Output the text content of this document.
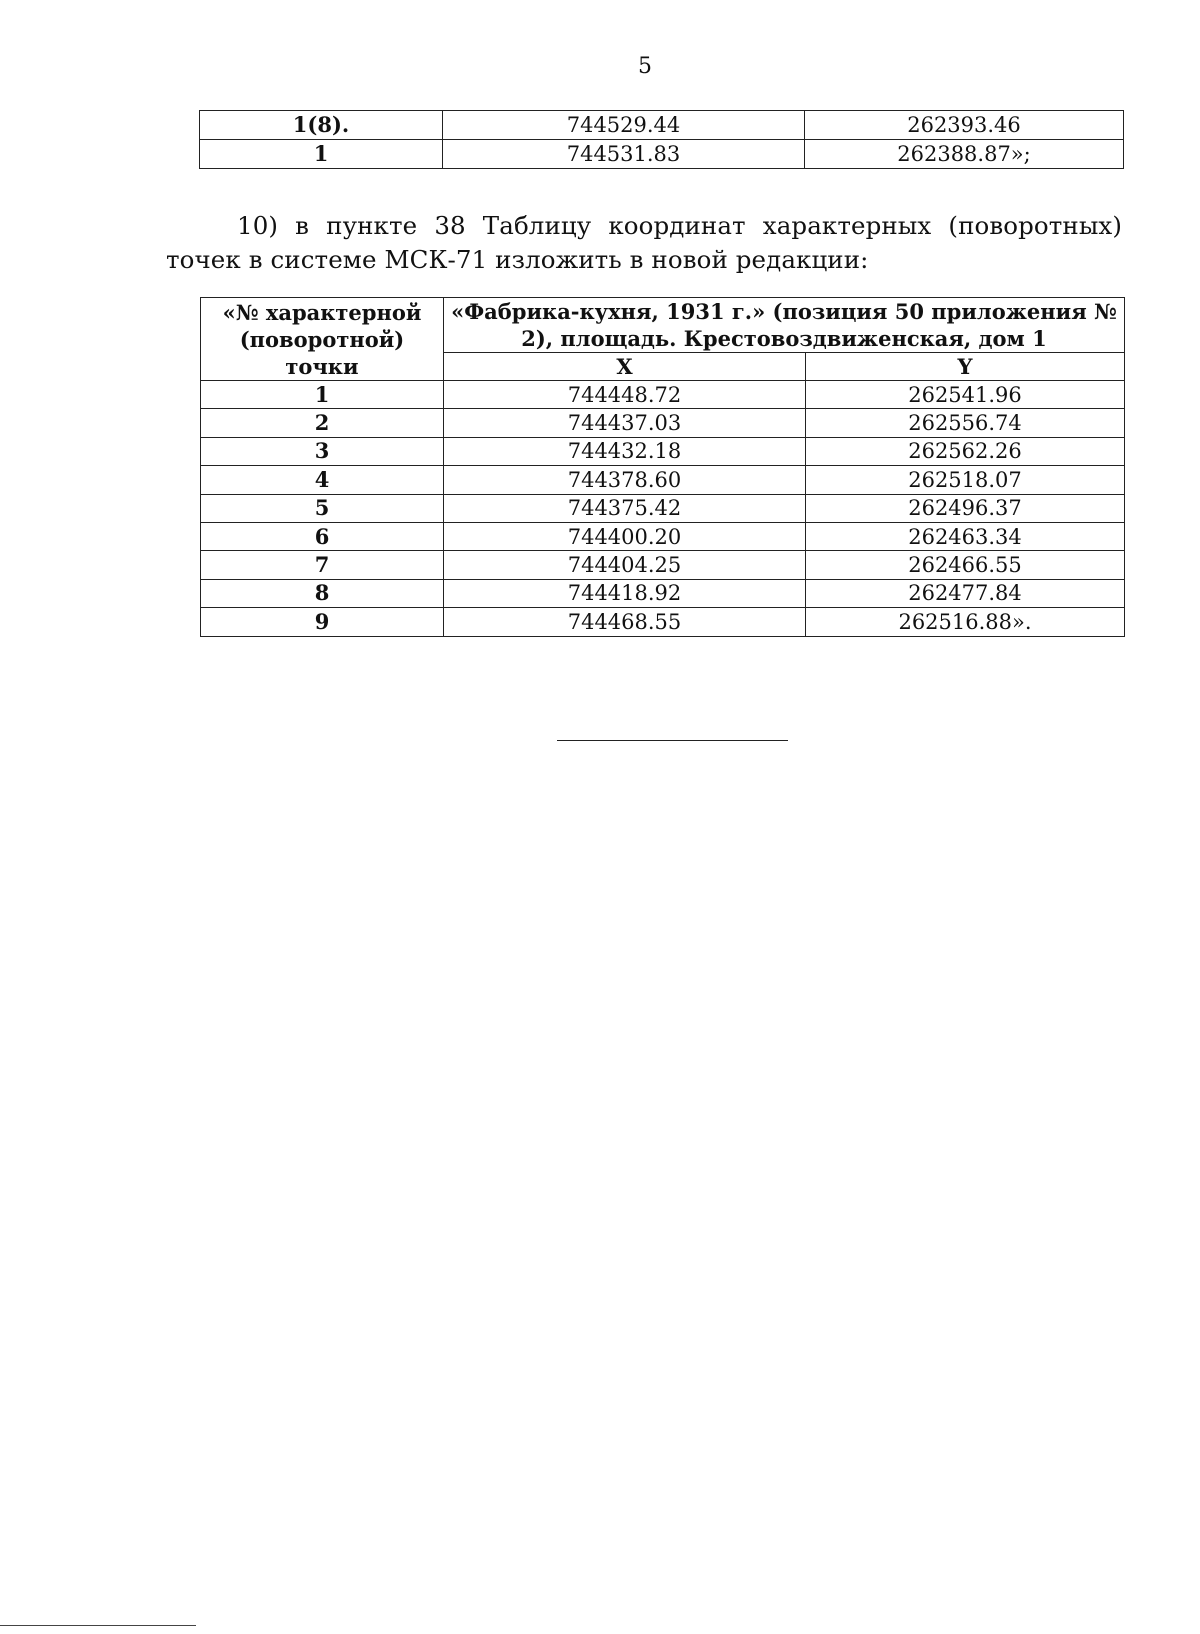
5
1(8).	744529.44	262393.46
1	744531.83	262388.87»;
10) в пункте 38 Таблицу координат характерных (поворотных) точек в системе МСК-71 изложить в новой редакции:
«№ характерной (поворотной) точки	«Фабрика-кухня, 1931 г.» (позиция 50 приложения № 2), площадь. Крестовоздвиженская, дом 1	
	X	Y
1	744448.72	262541.96
2	744437.03	262556.74
3	744432.18	262562.26
4	744378.60	262518.07
5	744375.42	262496.37
6	744400.20	262463.34
7	744404.25	262466.55
8	744418.92	262477.84
9	744468.55	262516.88».
